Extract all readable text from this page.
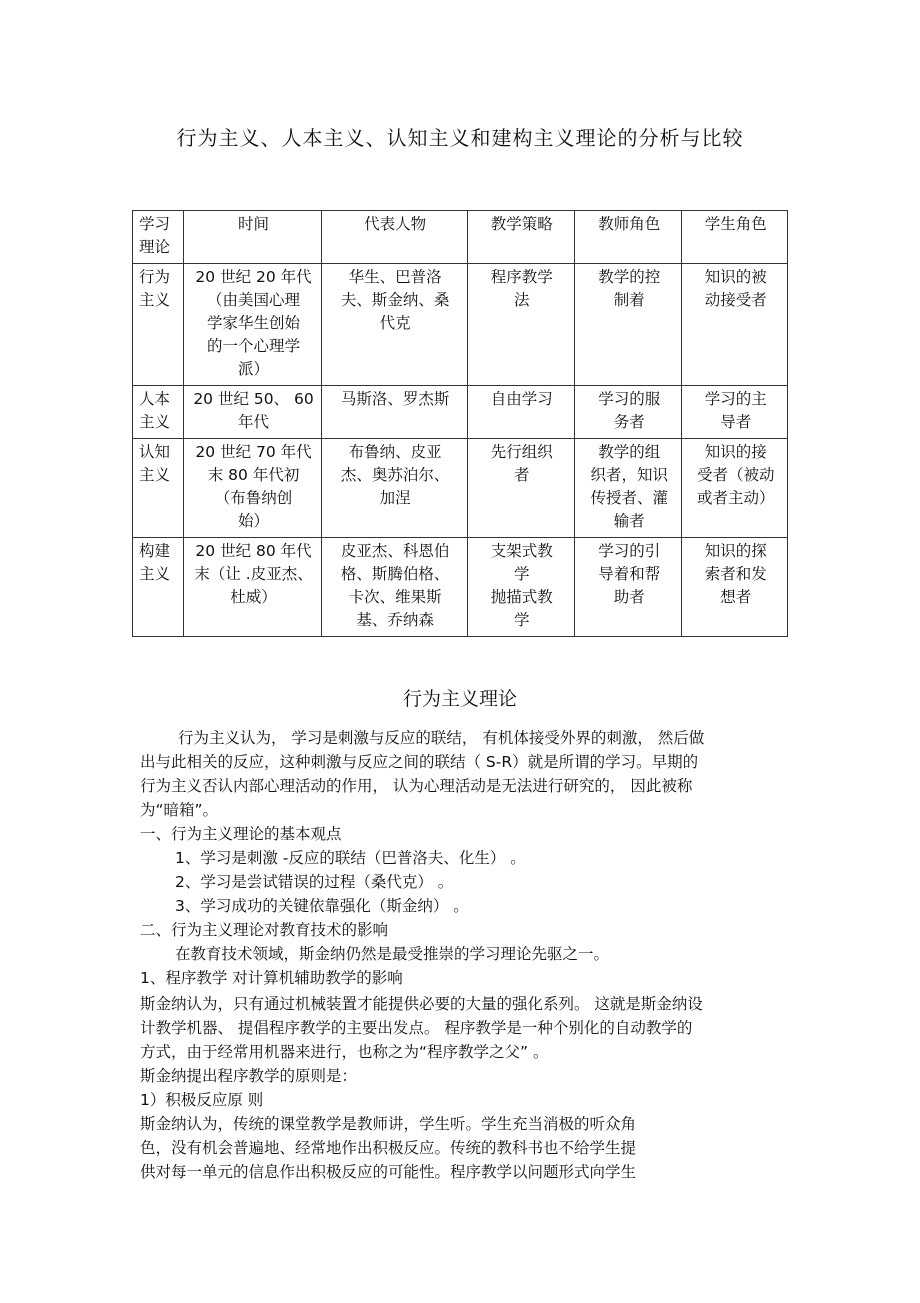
行为主义、人本主义、认知主义和建构主义理论的分析与比较
学习
理论	时间	代表人物	教学策略	教师角色	学生角色

行为
主义	20 世纪 20 年代
（由美国心理
学家华生创始
的一个心理学
派）	华生、巴普洛
夫、斯金纳、桑
代克	程序教学
法	教学的控
制着	知识的被
动接受者

人本
主义	20 世纪 50、 60
年代	马斯洛、罗杰斯	自由学习	学习的服
务者	学习的主
导者

认知
主义	20 世纪 70 年代
末 80 年代初
（布鲁纳创
始）	布鲁纳、皮亚
杰、奥苏泊尔、
加涅	先行组织
者	教学的组
织者，知识
传授者、灌
输者	知识的接
受者（被动
或者主动）

构建
主义	20 世纪 80 年代
末（让 .皮亚杰、
杜威）	皮亚杰、科恩伯
格、斯腾伯格、
卡次、维果斯
基、乔纳森	支架式教
学
抛描式教
学	学习的引
导着和帮
助者	知识的探
索者和发
想者
行为主义理论
行为主义认为， 学习是刺激与反应的联结， 有机体接受外界的刺激， 然后做
出与此相关的反应，这种刺激与反应之间的联结（ S-R）就是所谓的学习。早期的
行为主义否认内部心理活动的作用， 认为心理活动是无法进行研究的， 因此被称
为“暗箱”。
一、行为主义理论的基本观点
1、学习是刺激 -反应的联结（巴普洛夫、化生） 。
2、学习是尝试错误的过程（桑代克） 。
3、学习成功的关键依靠强化（斯金纳） 。
二、行为主义理论对教育技术的影响
在教育技术领域，斯金纳仍然是最受推崇的学习理论先驱之一。
1、程序教学 对计算机辅助教学的影响
斯金纳认为，只有通过机械装置才能提供必要的大量的强化系列。 这就是斯金纳设
计教学机器、 提倡程序教学的主要出发点。 程序教学是一种个别化的自动教学的
方式，由于经常用机器来进行，也称之为“程序教学之父” 。
斯金纳提出程序教学的原则是：
1）积极反应原 则
斯金纳认为，传统的课堂教学是教师讲，学生听。学生充当消极的听众角
色，没有机会普遍地、经常地作出积极反应。传统的教科书也不给学生提
供对每一单元的信息作出积极反应的可能性。程序教学以问题形式向学生
